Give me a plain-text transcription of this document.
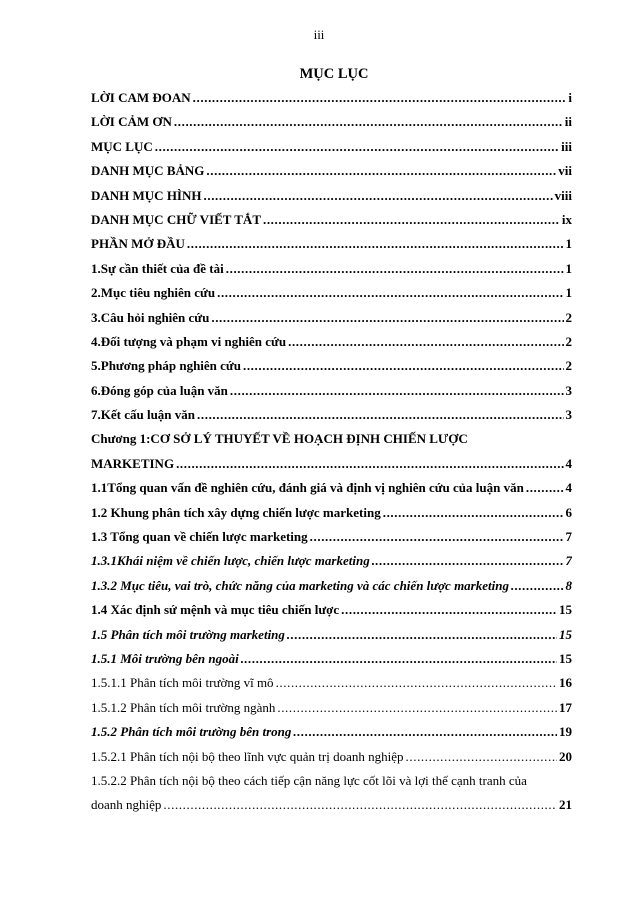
iii
MỤC LỤC
LỜI CAM ĐOAN .....	i
LỜI CẢM ƠN .....	ii
MỤC LỤC .....	iii
DANH MỤC BẢNG .....	vii
DANH MỤC HÌNH .....	viii
DANH MỤC CHỮ VIẾT TẮT .....	ix
PHẦN MỞ ĐẦU .....	1
1.Sự cần thiết của đề tài .....	1
2.Mục tiêu nghiên cứu .....	1
3.Câu hỏi nghiên cứu .....	2
4.Đối tượng và phạm vi nghiên cứu .....	2
5.Phương pháp nghiên cứu .....	2
6.Đóng góp của luận văn .....	3
7.Kết cấu luận văn .....	3
Chương 1:CƠ SỞ LÝ THUYẾT VỀ HOẠCH ĐỊNH CHIẾN LƯỢC
MARKETING .....	4
1.1Tổng quan vấn đề nghiên cứu, đánh giá và định vị nghiên cứu của luận văn .....	4
1.2 Khung phân tích xây dựng chiến lược marketing .....	6
1.3 Tổng quan về chiến lược marketing .....	7
1.3.1Khái niệm về chiến lược, chiến lược marketing .....	7
1.3.2 Mục tiêu, vai trò, chức năng của marketing và các chiến lược marketing .....	8
1.4 Xác định sứ mệnh và mục tiêu chiến lược .....	15
1.5 Phân tích môi trường marketing .....	15
1.5.1 Môi trường bên ngoài .....	15
1.5.1.1 Phân tích môi trường vĩ mô .....	16
1.5.1.2 Phân tích môi trường ngành .....	17
1.5.2 Phân tích môi trường bên trong .....	19
1.5.2.1 Phân tích nội bộ theo lĩnh vực quản trị doanh nghiệp .....	20
1.5.2.2 Phân tích nội bộ theo cách tiếp cận năng lực cốt lõi và lợi thế cạnh tranh của
doanh nghiệp .....	21
